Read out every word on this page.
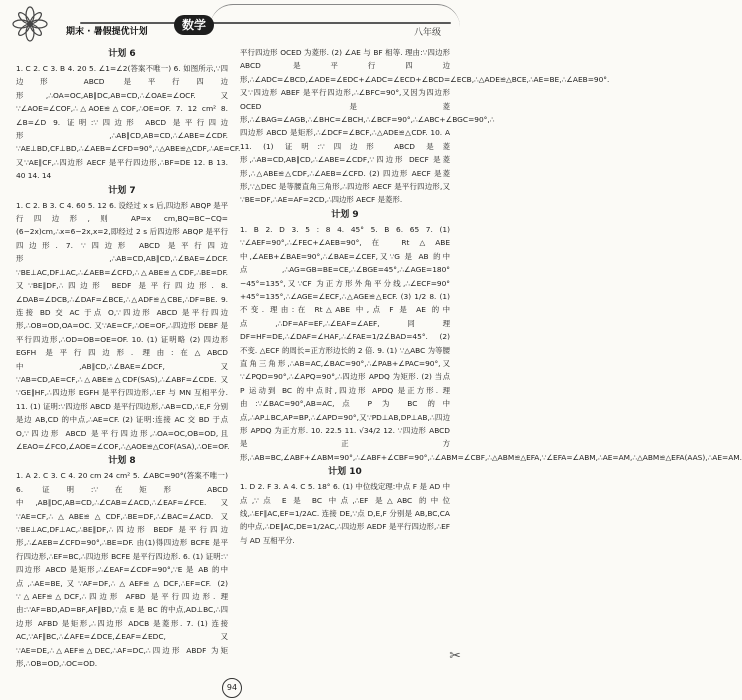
期末 · 暑假提优计划	数学
八年级
计划 6

1. C 2. C 3. B 4. 20 5. ∠1=∠2(答案不唯一) 6. 如图所示,∵四边形 ABCD 是平行四边形,∴OA=OC,AB∥DC,AB=CD,∴∠OAE=∠OCF. 又∵∠AOE=∠COF,∴△AOE≌△COF,∴OE=OF. 7. 12 cm² 8. ∠B=∠D 9. 证明:∵四边形 ABCD 是平行四边形,∴AB∥CD,AB=CD,∴∠ABE=∠CDF. ∵AE⊥BD,CF⊥BD,∴∠AEB=∠CFD=90°,∴△ABE≌△CDF,∴AE=CF. 又∵AE∥CF,∴四边形 AECF 是平行四边形,∴BF=DE 12. B 13. 40 14. 14

计划 7

1. C 2. B 3. C 4. 60 5. 12 6. 设经过 x s 后,四边形 ABQP 是平行四边形,则 AP=x cm,BQ=BC−CQ=(6−2x)cm,∴x=6−2x,x=2,即经过 2 s 后四边形 ABQP 是平行四边形. 7. ∵四边形 ABCD 是平行四边形,∴AB=CD,AB∥CD,∴∠BAE=∠DCF. ∵BE⊥AC,DF⊥AC,∴∠AEB=∠CFD,∴△ABE≌△CDF,∴BE=DF. 又∵BE∥DF,∴四边形 BEDF 是平行四边形. 8. ∠DAB=∠DCB,∴∠DAF=∠BCE,∴△ADF≌△CBE,∴DF=BE. 9. 连接 BD 交 AC 于点 O,∵四边形 ABCD 是平行四边形,∴OB=OD,OA=OC. 又∵AE=CF,∴OE=OF,∴四边形 DEBF 是平行四边形,∴OD=OB=OE=OF. 10. (1) 证明略 (2) 四边形 EGFH 是平行四边形. 理由:在△ABCD 中,AB∥CD,∴∠BAE=∠DCF,又∵AB=CD,AE=CF,∴△ABE≌△CDF(SAS),∴∠ABF=∠CDE. 又∵GE∥HF,∴四边形 EGFH 是平行四边形,∴EF 与 MN 互相平分. 11. (1) 证明:∵四边形 ABCD 是平行四边形,∴AB=CD,∴E,F 分别是边 AB,CD 的中点,∴AE=CF. (2) 证明:连接 AC 交 BD 于点 O,∵四边形 ABCD 是平行四边形,∴OA=OC,OB=OD,且 ∠EAO=∠FCO,∠AOE=∠COF,∴△AOE≌△COF(ASA),∴OE=OF.

计划 8

1. A 2. C 3. C 4. 20 cm 24 cm² 5. ∠ABC=90°(答案不唯一) 6. 证明:∵在矩形 ABCD 中,AB∥DC,AB=CD,∴∠CAB=∠ACD,∴∠EAF=∠FCE. 又∵AE=CF,∴△ABE≌△CDF,∴BE=DF,∴∠BAC=∠ACD. 又∵BE⊥AC,DF⊥AC,∴BE∥DF,∴四边形 BEDF 是平行四边形,∴∠AEB=∠CFD=90°,∴BE=DF. 由(1)得四边形 BCFE 是平行四边形,∴EF=BC,∴四边形 BCFE 是平行四边形. 6. (1) 证明:∵四边形 ABCD 是矩形,∴∠EAF=∠CDF=90°,∵E 是 AB 的中点,∴AE=BE,又∵AF=DF,∴△AEF≌△DCF,∴EF=CF. (2) ∵△AEF≌△DCF,∴四边形 AFBD 是平行四边形. 理由:∵AF=BD,AD=BF,AF∥BD,∵点 E 是 BC 的中点,AD⊥BC,∴四边形 AFBD 是矩形,∴四边形 ADCB 是菱形. 7. (1) 连接 AC,∵AF∥BC,∴∠AFE=∠DCE,∠EAF=∠EDC,又∵AE=DE,∴△AEF≌△DEC,∴AF=DC,∴四边形 ABDF 为矩形,∴OB=OD,∴OC=OD.

平行四边形 OCED 为菱形. (2) ∠AE 与 BF 相等. 理由:∵四边形 ABCD 是平行四边形,∴∠ADC=∠BCD,∠ADE=∠EDC+∠ADC=∠ECD+∠BCD=∠ECB,∴△ADE≌△BCE,∴AE=BE,∴∠AEB=90°. 又∵四边形 ABEF 是平行四边形,∴∠BFC=90°,又因为四边形 OCED 是菱形,∴∠BAG=∠AGB,∴∠BHC=∠BCH,∴∠BCF=90°,∴∠ABC+∠BGC=90°,∴四边形 ABCD 是矩形,∴∠DCF=∠BCF,∴△ADE≌△CDF. 10. A 11. (1) 证明:∵四边形 ABCD 是菱形,∴AB=CD,AB∥CD,∴∠ABE=∠CDF,∵四边形 DECF 是菱形,∴△ABE≌△CDF,∴∠AEB=∠CFD. (2) 四边形 AECF 是菱形,∵△DEC 是等腰直角三角形,∴四边形 AECF 是平行四边形,又∵BE=DF,∴AE=AF=2CD,∴四边形 AECF 是菱形.

计划 9

1. B 2. D 3. 5 : 8 4. 45° 5. B 6. 65 7. (1) ∵∠AEF=90°,∴∠FEC+∠AEB=90°,在 Rt△ABE 中,∠AEB+∠BAE=90°,∴∠BAE=∠CEF,又∵G 是 AB 的中点,∴AG=GB=BE=CE,∴∠BGE=45°,∴∠AGE=180°−45°=135°,又∵CF 为正方形外角平分线,∴∠ECF=90°+45°=135°,∴∠AGE=∠ECF,∴△AGE≌△ECF. (3) 1/2 8. (1) 不变. 理由:在 Rt△ABE 中,点 F 是 AE 的中点,∴DF=AF=EF,∴∠EAF=∠AEF,同理 DF=HF=DE,∴∠DAF=∠HAF,∴∠FAE=1/2∠BAD=45°. (2) 不变. △ECF 的周长=正方形边长的 2 倍. 9. (1) ∵△ABC 为等腰直角三角形,∴AB=AC,∠BAC=90°,∴∠PAB+∠PAC=90°,又∵∠PQD=90°,∴∠APQ=90°,∴四边形 APDQ 为矩形. (2) 当点 P 运动到 BC 的中点时,四边形 APDQ 是正方形. 理由:∵∠BAC=90°,AB=AC,点 P 为 BC 的中点,∴AP⊥BC,AP=BP,∴∠APD=90°,又∵PD⊥AB,DP⊥AB,∴四边形 APDQ 为正方形. 10. 22.5 11. √34/2 12. ∵四边形 ABCD 是正方形,∴AB=BC,∠ABF+∠ABM=90°,∴∠ABF+∠CBF=90°,∴∠ABM=∠CBF,∴△ABM≌△EFA,∵∠EFA=∠ABM,∴AE=AM,∴△ABM≌△EFA(AAS),∴AE=AM.

计划 10

1. D 2. F 3. A 4. C 5. 18° 6. (1) 中位线定理:中点 F 是 AD 中点,∵点 E 是 BC 中点,∴EF 是△ABC 的中位线,∴EF∥AC,EF=1/2AC. 连接 DE,∵点 D,E,F 分别是 AB,BC,CA 的中点,∴DE∥AC,DE=1/2AC,∴四边形 AEDF 是平行四边形,∴EF 与 AD 互相平分.

94
✂
